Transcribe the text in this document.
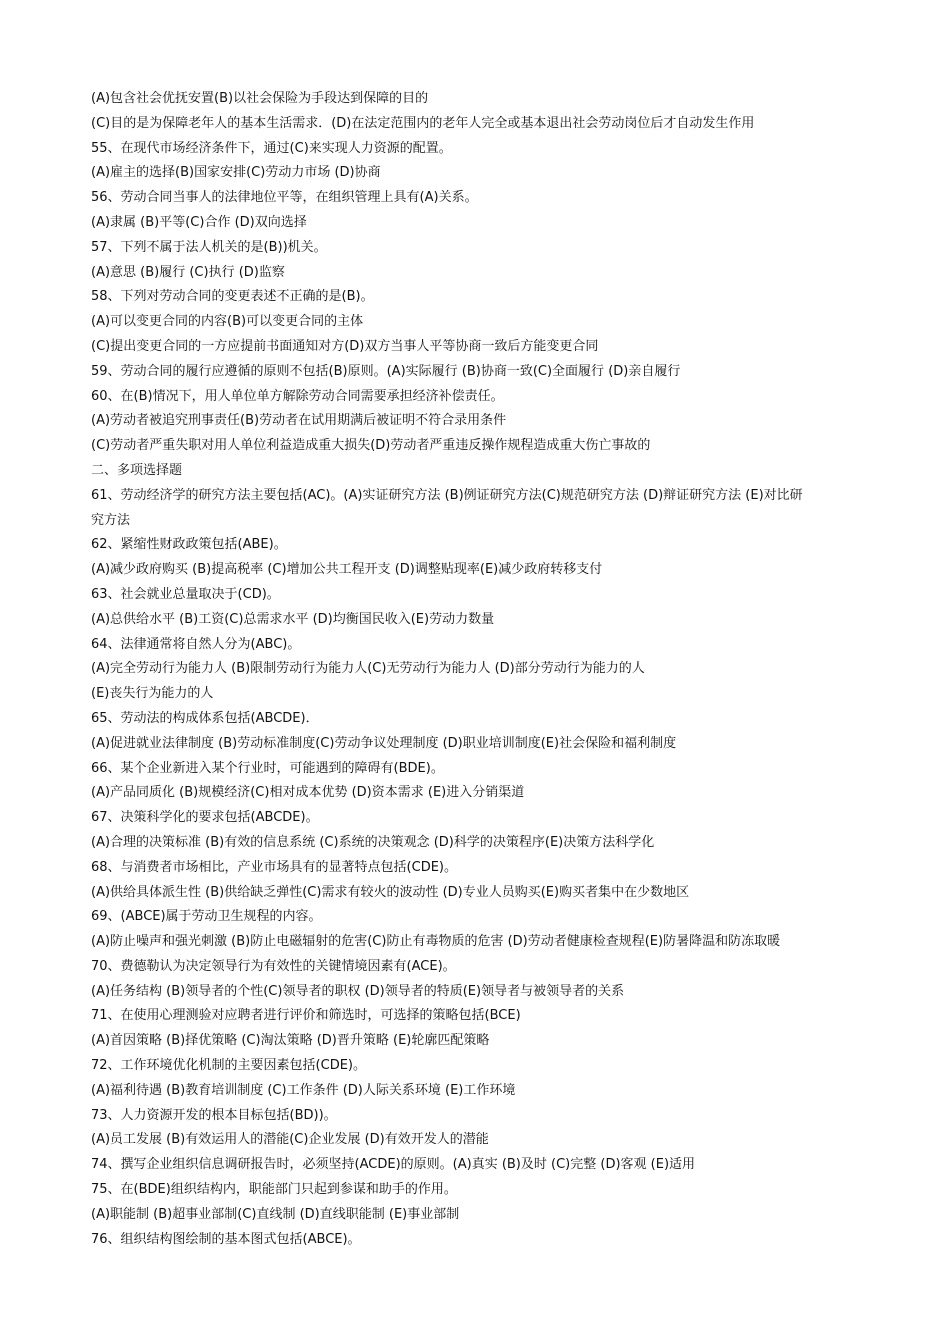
(A)包含社会优抚安置(B)以社会保险为手段达到保障的目的
(C)目的是为保障老年人的基本生活需求．(D)在法定范围内的老年人完全或基本退出社会劳动岗位后才自动发生作用
55、在现代市场经济条件下，通过(C)来实现人力资源的配置。
(A)雇主的选择(B)国家安排(C)劳动力市场 (D)协商
56、劳动合同当事人的法律地位平等，在组织管理上具有(A)关系。
(A)隶属 (B)平等(C)合作 (D)双向选择
57、下列不属于法人机关的是(B))机关。
(A)意思 (B)履行 (C)执行 (D)监察
58、下列对劳动合同的变更表述不正确的是(B)。
(A)可以变更合同的内容(B)可以变更合同的主体
(C)提出变更合同的一方应提前书面通知对方(D)双方当事人平等协商一致后方能变更合同
59、劳动合同的履行应遵循的原则不包括(B)原则。(A)实际履行 (B)协商一致(C)全面履行 (D)亲自履行
60、在(B)情况下，用人单位单方解除劳动合同需要承担经济补偿责任。
(A)劳动者被追究刑事责任(B)劳动者在试用期满后被证明不符合录用条件
(C)劳动者严重失职对用人单位利益造成重大损失(D)劳动者严重违反操作规程造成重大伤亡事故的
二、多项选择题
61、劳动经济学的研究方法主要包括(AC)。(A)实证研究方法 (B)例证研究方法(C)规范研究方法 (D)辩证研究方法 (E)对比研
究方法
62、紧缩性财政政策包括(ABE)。
(A)减少政府购买 (B)提高税率 (C)增加公共工程开支 (D)调整贴现率(E)减少政府转移支付
63、社会就业总量取决于(CD)。
(A)总供给水平 (B)工资(C)总需求水平 (D)均衡国民收入(E)劳动力数量
64、法律通常将自然人分为(ABC)。
(A)完全劳动行为能力人 (B)限制劳动行为能力人(C)无劳动行为能力人 (D)部分劳动行为能力的人
(E)丧失行为能力的人
65、劳动法的构成体系包括(ABCDE)．
(A)促进就业法律制度 (B)劳动标准制度(C)劳动争议处理制度 (D)职业培训制度(E)社会保险和福利制度
66、某个企业新进入某个行业时，可能遇到的障碍有(BDE)。
(A)产品同质化 (B)规模经济(C)相对成本优势 (D)资本需求 (E)进入分销渠道
67、决策科学化的要求包括(ABCDE)。
(A)合理的决策标准 (B)有效的信息系统 (C)系统的决策观念 (D)科学的决策程序(E)决策方法科学化
68、与消费者市场相比，产业市场具有的显著特点包括(CDE)。
(A)供给具体派生性 (B)供给缺乏弹性(C)需求有较火的波动性 (D)专业人员购买(E)购买者集中在少数地区
69、(ABCE)属于劳动卫生规程的内容。
(A)防止噪声和强光刺激 (B)防止电磁辐射的危害(C)防止有毒物质的危害 (D)劳动者健康检查规程(E)防暑降温和防冻取暖
70、费德勒认为决定领导行为有效性的关键情境因素有(ACE)。
(A)任务结构 (B)领导者的个性(C)领导者的职权 (D)领导者的特质(E)领导者与被领导者的关系
71、在使用心理测验对应聘者进行评价和筛选时，可选择的策略包括(BCE)
(A)首因策略 (B)择优策略 (C)淘汰策略 (D)晋升策略 (E)轮廓匹配策略
72、工作环境优化机制的主要因素包括(CDE)。
(A)福利待遇 (B)教育培训制度 (C)工作条件 (D)人际关系环境 (E)工作环境
73、人力资源开发的根本目标包括(BD))。
(A)员工发展 (B)有效运用人的潜能(C)企业发展 (D)有效开发人的潜能
74、撰写企业组织信息调研报告时，必须坚持(ACDE)的原则。(A)真实 (B)及时 (C)完整 (D)客观 (E)适用
75、在(BDE)组织结构内，职能部门只起到参谋和助手的作用。
(A)职能制 (B)超事业部制(C)直线制 (D)直线职能制 (E)事业部制
76、组织结构图绘制的基本图式包括(ABCE)。
